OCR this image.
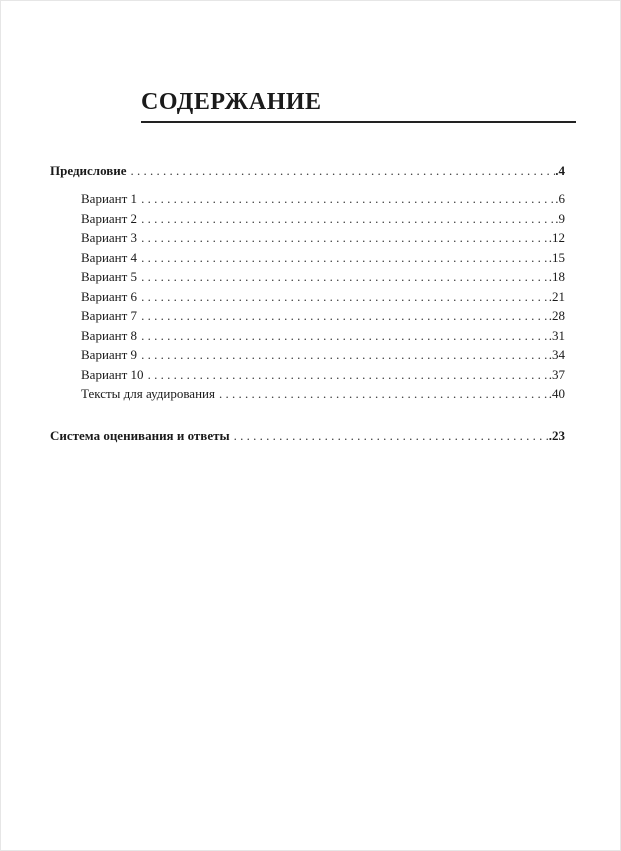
СОДЕРЖАНИЕ
Предисловие . . .	.4
Вариант 1 . . .	.6
Вариант 2 . . .	.9
Вариант 3 . . .	.12
Вариант 4 . . .	.15
Вариант 5 . . .	.18
Вариант 6 . . .	.21
Вариант 7 . . .	.28
Вариант 8 . . .	.31
Вариант 9 . . .	.34
Вариант 10 . . .	.37
Тексты для аудирования . . .	.40
Система оценивания и ответы . . .	.23
